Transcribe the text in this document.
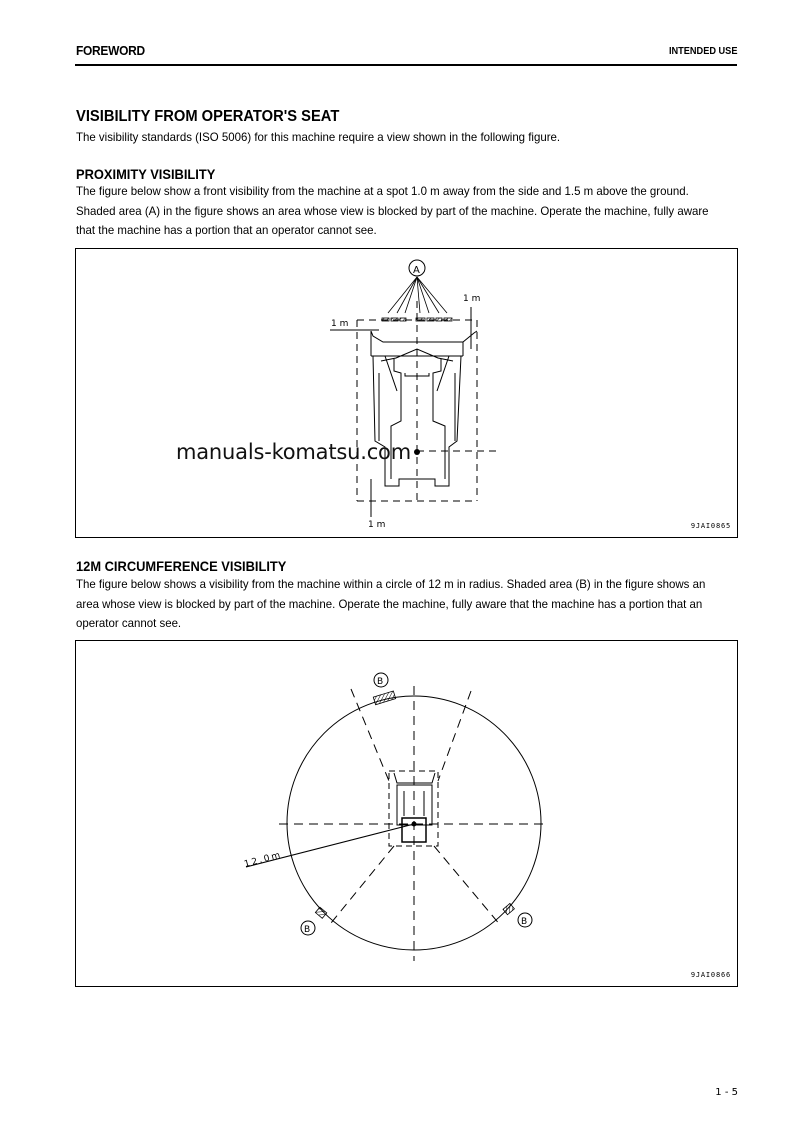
FOREWORD	INTENDED USE
VISIBILITY FROM OPERATOR'S SEAT

The visibility standards (ISO 5006) for this machine require a view shown in the following figure.

PROXIMITY VISIBILITY

The figure below show a front visibility from the machine at a spot 1.0 m away from the side and 1.5 m above the ground. Shaded area (A) in the figure shows an area whose view is blocked by part of the machine. Operate the machine, fully aware that the machine has a portion that an operator cannot see.

A
1 m
1 m
1 m	9JAI0865
manuals-komatsu.com
12M CIRCUMFERENCE VISIBILITY

The figure below shows a visibility from the machine within a circle of 12 m in radius. Shaded area (B) in the figure shows an area whose view is blocked by part of the machine. Operate the machine, fully aware that the machine has a portion that an operator cannot see.

B
B
B
12.0m
9JAI0866
1 - 5
